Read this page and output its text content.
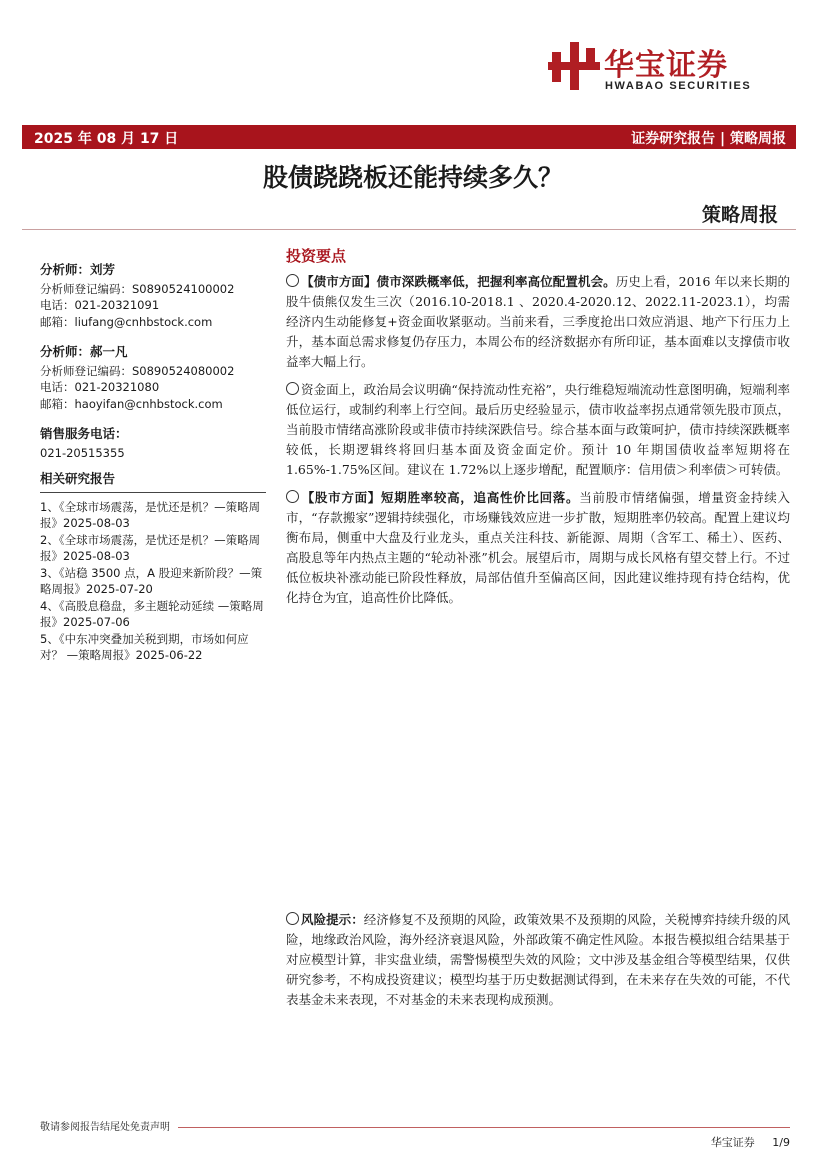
华宝证券
HWABAO SECURITIES
2025 年 08 月 17 日	证券研究报告 | 策略周报
股债跷跷板还能持续多久？
策略周报
分析师：刘芳
分析师登记编码：S0890524100002
电话：021-20321091
邮箱：liufang@cnhbstock.com
分析师：郝一凡
分析师登记编码：S0890524080002
电话：021-20321080
邮箱：haoyifan@cnhbstock.com
销售服务电话：
021-20515355
相关研究报告
1、《全球市场震荡，是忧还是机？—策略周报》2025-08-03
2、《全球市场震荡，是忧还是机？—策略周报》2025-08-03
3、《站稳 3500 点，A 股迎来新阶段？—策略周报》2025-07-20
4、《高股息稳盘，多主题轮动延续 —策略周报》2025-07-06
5、《中东冲突叠加关税到期，市场如何应对？ —策略周报》2025-06-22
投资要点

【债市方面】债市深跌概率低，把握利率高位配置机会。历史上看，2016 年以来长期的股牛债熊仅发生三次（2016.10-2018.1 、2020.4-2020.12、2022.11-2023.1），均需经济内生动能修复+资金面收紧驱动。当前来看，三季度抢出口效应消退、地产下行压力上升，基本面总需求修复仍存压力，本周公布的经济数据亦有所印证，基本面难以支撑债市收益率大幅上行。

资金面上，政治局会议明确“保持流动性充裕”，央行维稳短端流动性意图明确，短端利率低位运行，或制约利率上行空间。最后历史经验显示，债市收益率拐点通常领先股市顶点，当前股市情绪高涨阶段或非债市持续深跌信号。综合基本面与政策呵护，债市持续深跌概率较低，长期逻辑终将回归基本面及资金面定价。预计 10 年期国债收益率短期将在 1.65%-1.75%区间。建议在 1.72%以上逐步增配，配置顺序：信用债＞利率债＞可转债。

【股市方面】短期胜率较高，追高性价比回落。当前股市情绪偏强，增量资金持续入市，“存款搬家”逻辑持续强化，市场赚钱效应进一步扩散，短期胜率仍较高。配置上建议均衡布局，侧重中大盘及行业龙头，重点关注科技、新能源、周期（含军工、稀土）、医药、高股息等年内热点主题的“轮动补涨”机会。展望后市，周期与成长风格有望交替上行。不过低位板块补涨动能已阶段性释放，局部估值升至偏高区间，因此建议维持现有持仓结构，优化持仓为宜，追高性价比降低。

风险提示：经济修复不及预期的风险，政策效果不及预期的风险，关税博弈持续升级的风险，地缘政治风险，海外经济衰退风险，外部政策不确定性风险。本报告模拟组合结果基于对应模型计算，非实盘业绩，需警惕模型失效的风险；文中涉及基金组合等模型结果，仅供研究参考，不构成投资建议；模型均基于历史数据测试得到，在未来存在失效的可能，不代表基金未来表现，不对基金的未来表现构成预测。
敬请参阅报告结尾处免责声明
华宝证券 1/9
